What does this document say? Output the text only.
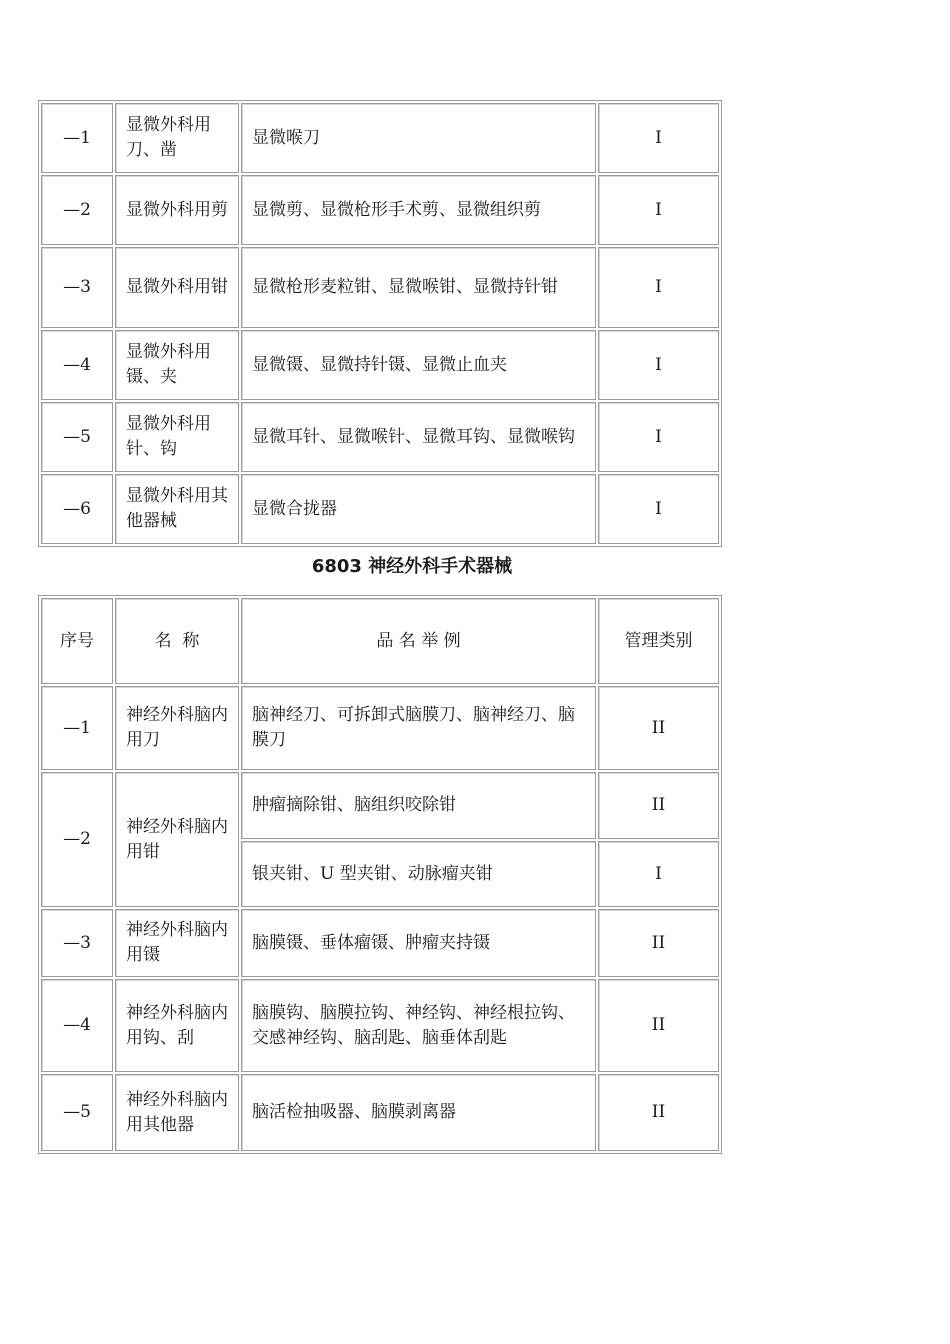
—1	显微外科用刀、凿	显微喉刀	I
—2	显微外科用剪	显微剪、显微枪形手术剪、显微组织剪	I
—3	显微外科用钳	显微枪形麦粒钳、显微喉钳、显微持针钳	I
—4	显微外科用镊、夹	显微镊、显微持针镊、显微止血夹	I
—5	显微外科用针、钩	显微耳针、显微喉针、显微耳钩、显微喉钩	I
—6	显微外科用其他器械	显微合拢器	I
6803 神经外科手术器械
序号	名  称	品 名 举 例	管理类别
—1	神经外科脑内用刀	脑神经刀、可拆卸式脑膜刀、脑神经刀、脑膜刀	II
—2	神经外科脑内用钳	肿瘤摘除钳、脑组织咬除钳	II
		银夹钳、U 型夹钳、动脉瘤夹钳	I
—3	神经外科脑内用镊	脑膜镊、垂体瘤镊、肿瘤夹持镊	II
—4	神经外科脑内用钩、刮	脑膜钩、脑膜拉钩、神经钩、神经根拉钩、交感神经钩、脑刮匙、脑垂体刮匙	II
—5	神经外科脑内用其他器	脑活检抽吸器、脑膜剥离器	II
